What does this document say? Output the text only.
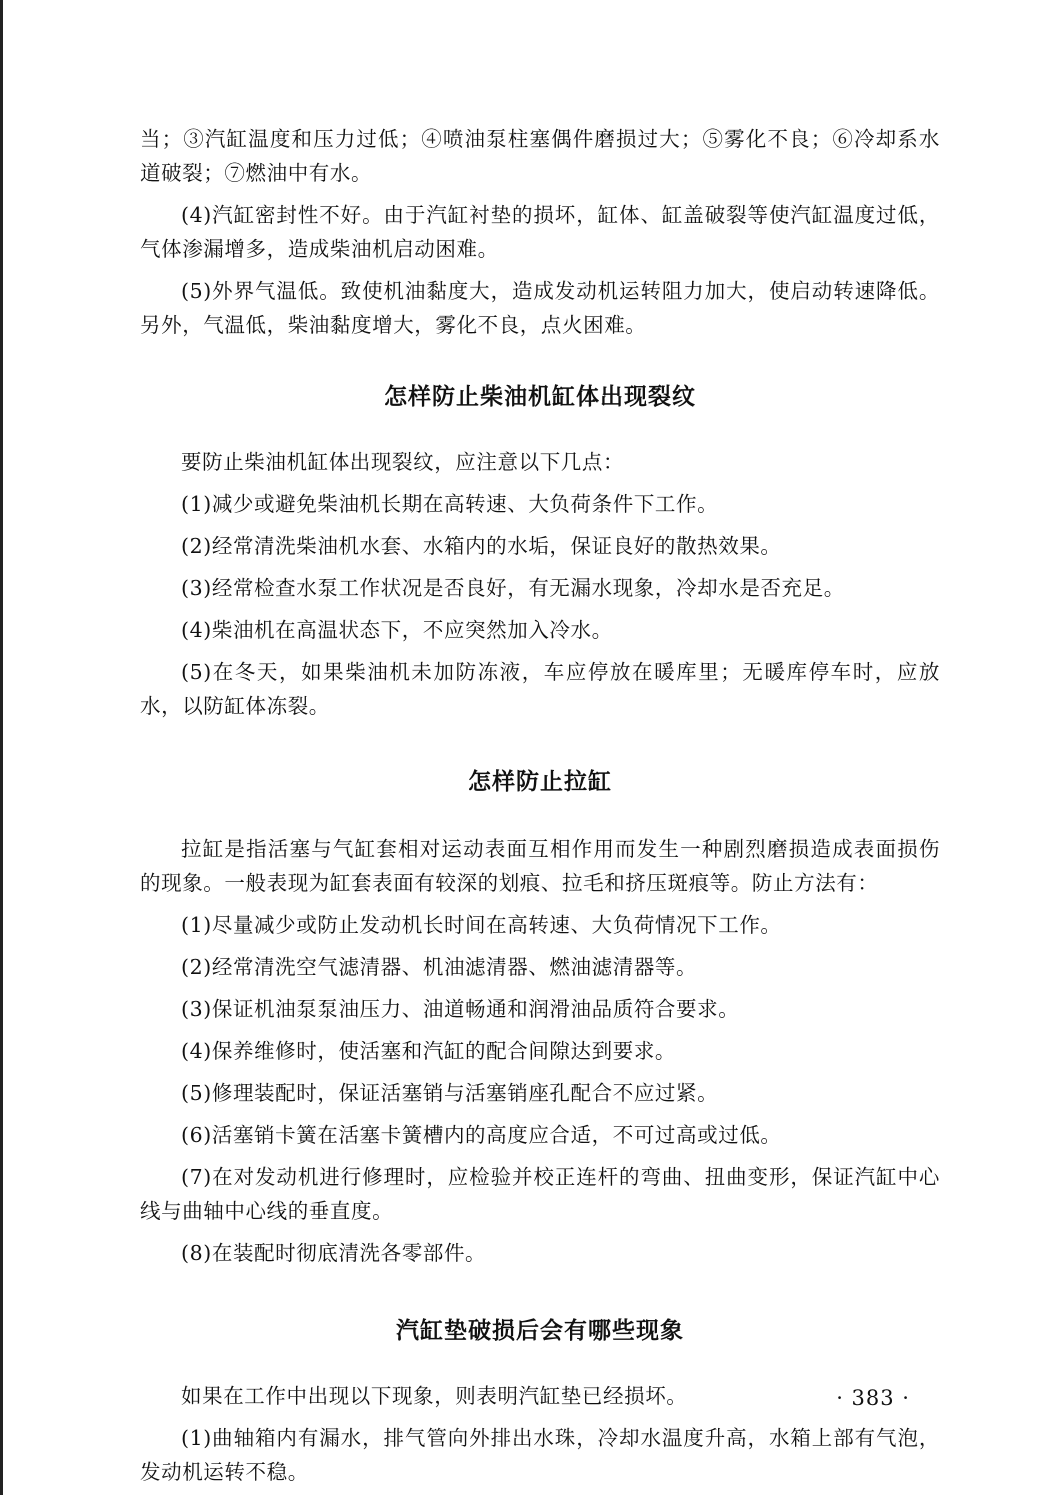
当；③汽缸温度和压力过低；④喷油泵柱塞偶件磨损过大；⑤雾化不良；⑥冷却系水道破裂；⑦燃油中有水。

(4)汽缸密封性不好。由于汽缸衬垫的损坏，缸体、缸盖破裂等使汽缸温度过低，气体渗漏增多，造成柴油机启动困难。

(5)外界气温低。致使机油黏度大，造成发动机运转阻力加大，使启动转速降低。另外，气温低，柴油黏度增大，雾化不良，点火困难。

怎样防止柴油机缸体出现裂纹

要防止柴油机缸体出现裂纹，应注意以下几点：

(1)减少或避免柴油机长期在高转速、大负荷条件下工作。

(2)经常清洗柴油机水套、水箱内的水垢，保证良好的散热效果。

(3)经常检查水泵工作状况是否良好，有无漏水现象，冷却水是否充足。

(4)柴油机在高温状态下，不应突然加入冷水。

(5)在冬天，如果柴油机未加防冻液，车应停放在暖库里；无暖库停车时，应放水，以防缸体冻裂。

怎样防止拉缸

拉缸是指活塞与气缸套相对运动表面互相作用而发生一种剧烈磨损造成表面损伤的现象。一般表现为缸套表面有较深的划痕、拉毛和挤压斑痕等。防止方法有：

(1)尽量减少或防止发动机长时间在高转速、大负荷情况下工作。

(2)经常清洗空气滤清器、机油滤清器、燃油滤清器等。

(3)保证机油泵泵油压力、油道畅通和润滑油品质符合要求。

(4)保养维修时，使活塞和汽缸的配合间隙达到要求。

(5)修理装配时，保证活塞销与活塞销座孔配合不应过紧。

(6)活塞销卡簧在活塞卡簧槽内的高度应合适，不可过高或过低。

(7)在对发动机进行修理时，应检验并校正连杆的弯曲、扭曲变形，保证汽缸中心线与曲轴中心线的垂直度。

(8)在装配时彻底清洗各零部件。

汽缸垫破损后会有哪些现象

如果在工作中出现以下现象，则表明汽缸垫已经损坏。

(1)曲轴箱内有漏水，排气管向外排出水珠，冷却水温度升高，水箱上部有气泡，发动机运转不稳。

· 383 ·
